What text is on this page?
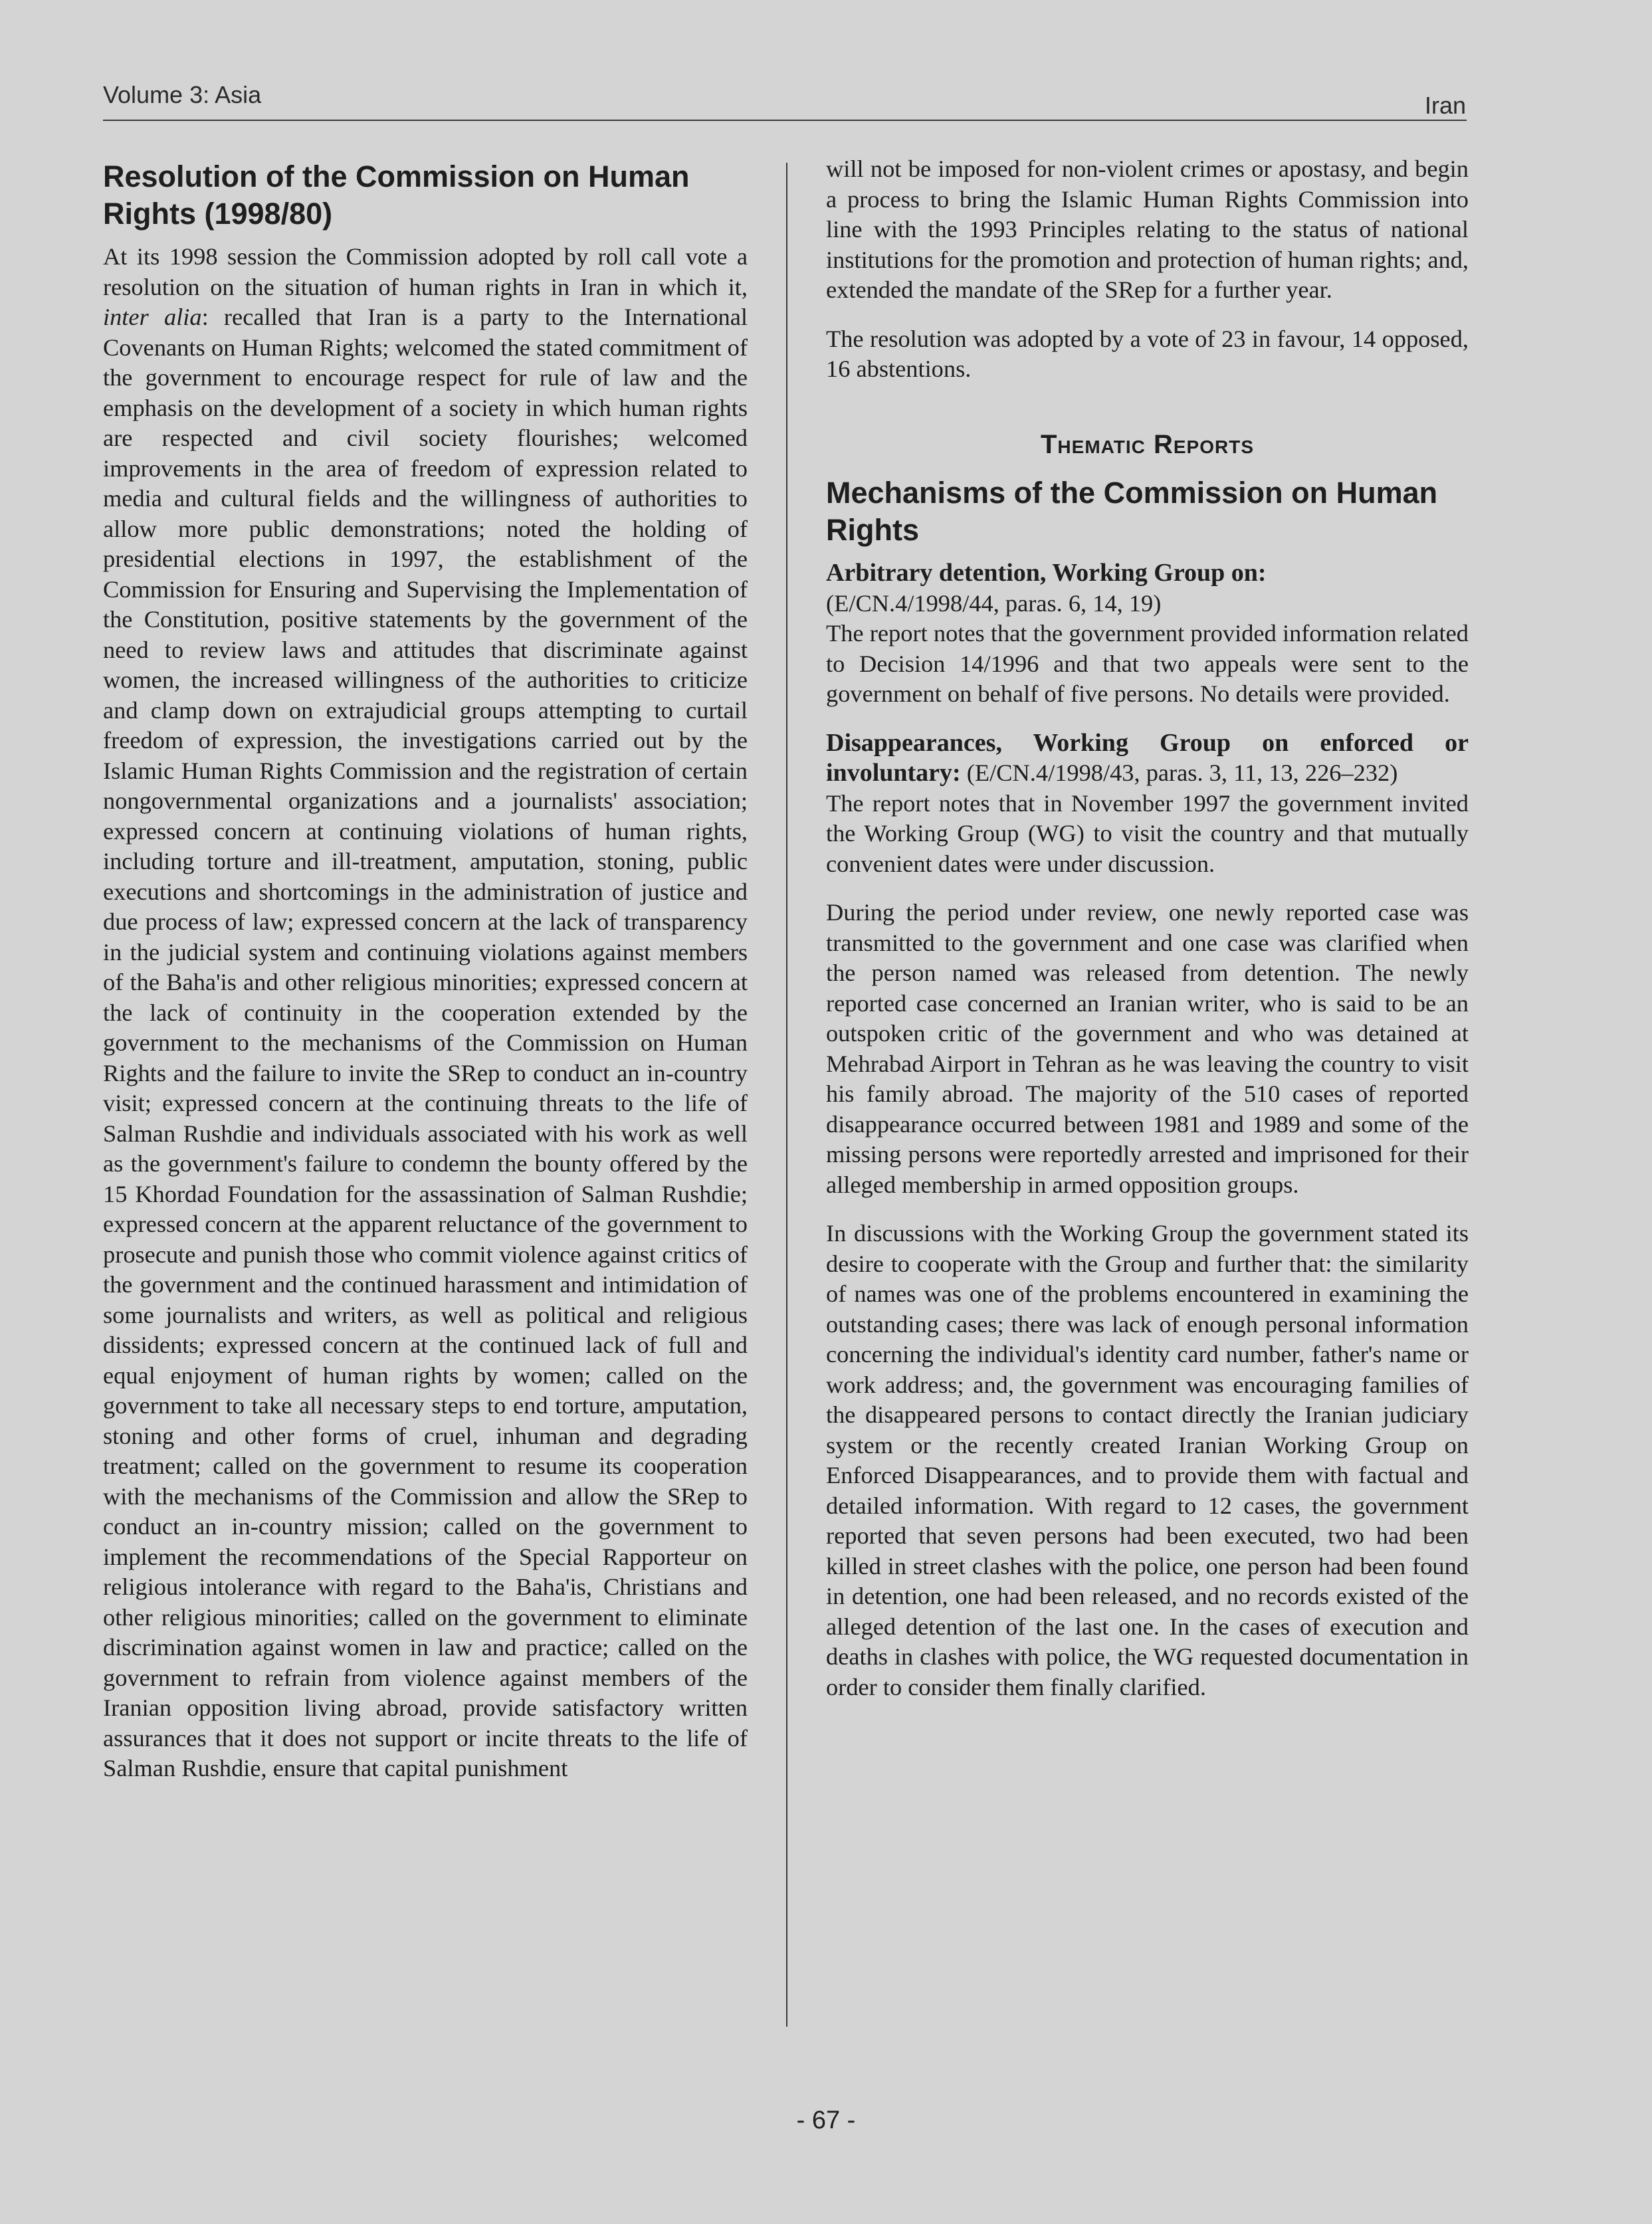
Volume 3: Asia	Iran
Resolution of the Commission on Human Rights (1998/80)

At its 1998 session the Commission adopted by roll call vote a resolution on the situation of human rights in Iran in which it, inter alia: recalled that Iran is a party to the International Covenants on Human Rights; welcomed the stated commitment of the government to encourage respect for rule of law and the emphasis on the development of a society in which human rights are respected and civil society flourishes; welcomed improvements in the area of freedom of expression related to media and cultural fields and the willingness of authorities to allow more public demonstrations; noted the holding of presidential elections in 1997, the establishment of the Commission for Ensuring and Supervising the Implementation of the Constitution, positive statements by the government of the need to review laws and attitudes that discriminate against women, the increased willingness of the authorities to criticize and clamp down on extrajudicial groups attempting to curtail freedom of expression, the investigations carried out by the Islamic Human Rights Commission and the registration of certain nongovernmental organizations and a journalists' association; expressed concern at continuing violations of human rights, including torture and ill-treatment, amputation, stoning, public executions and shortcomings in the administration of justice and due process of law; expressed concern at the lack of transparency in the judicial system and continuing violations against members of the Baha'is and other religious minorities; expressed concern at the lack of continuity in the cooperation extended by the government to the mechanisms of the Commission on Human Rights and the failure to invite the SRep to conduct an in-country visit; expressed concern at the continuing threats to the life of Salman Rushdie and individuals associated with his work as well as the government's failure to condemn the bounty offered by the 15 Khordad Foundation for the assassination of Salman Rushdie; expressed concern at the apparent reluctance of the government to prosecute and punish those who commit violence against critics of the government and the continued harassment and intimidation of some journalists and writers, as well as political and religious dissidents; expressed concern at the continued lack of full and equal enjoyment of human rights by women; called on the government to take all necessary steps to end torture, amputation, stoning and other forms of cruel, inhuman and degrading treatment; called on the government to resume its cooperation with the mechanisms of the Commission and allow the SRep to conduct an in-country mission; called on the government to implement the recommendations of the Special Rapporteur on religious intolerance with regard to the Baha'is, Christians and other religious minorities; called on the government to eliminate discrimination against women in law and practice; called on the government to refrain from violence against members of the Iranian opposition living abroad, provide satisfactory written assurances that it does not support or incite threats to the life of Salman Rushdie, ensure that capital punishment

will not be imposed for non-violent crimes or apostasy, and begin a process to bring the Islamic Human Rights Commission into line with the 1993 Principles relating to the status of national institutions for the promotion and protection of human rights; and, extended the mandate of the SRep for a further year.

The resolution was adopted by a vote of 23 in favour, 14 opposed, 16 abstentions.

Thematic Reports
Mechanisms of the Commission on Human Rights
Arbitrary detention, Working Group on:
(E/CN.4/1998/44, paras. 6, 14, 19)

The report notes that the government provided information related to Decision 14/1996 and that two appeals were sent to the government on behalf of five persons. No details were provided.

Disappearances, Working Group on enforced or involuntary: (E/CN.4/1998/43, paras. 3, 11, 13, 226–232)

The report notes that in November 1997 the government invited the Working Group (WG) to visit the country and that mutually convenient dates were under discussion.

During the period under review, one newly reported case was transmitted to the government and one case was clarified when the person named was released from detention. The newly reported case concerned an Iranian writer, who is said to be an outspoken critic of the government and who was detained at Mehrabad Airport in Tehran as he was leaving the country to visit his family abroad. The majority of the 510 cases of reported disappearance occurred between 1981 and 1989 and some of the missing persons were reportedly arrested and imprisoned for their alleged membership in armed opposition groups.

In discussions with the Working Group the government stated its desire to cooperate with the Group and further that: the similarity of names was one of the problems encountered in examining the outstanding cases; there was lack of enough personal information concerning the individual's identity card number, father's name or work address; and, the government was encouraging families of the disappeared persons to contact directly the Iranian judiciary system or the recently created Iranian Working Group on Enforced Disappearances, and to provide them with factual and detailed information. With regard to 12 cases, the government reported that seven persons had been executed, two had been killed in street clashes with the police, one person had been found in detention, one had been released, and no records existed of the alleged detention of the last one. In the cases of execution and deaths in clashes with police, the WG requested documentation in order to consider them finally clarified.

- 67 -
